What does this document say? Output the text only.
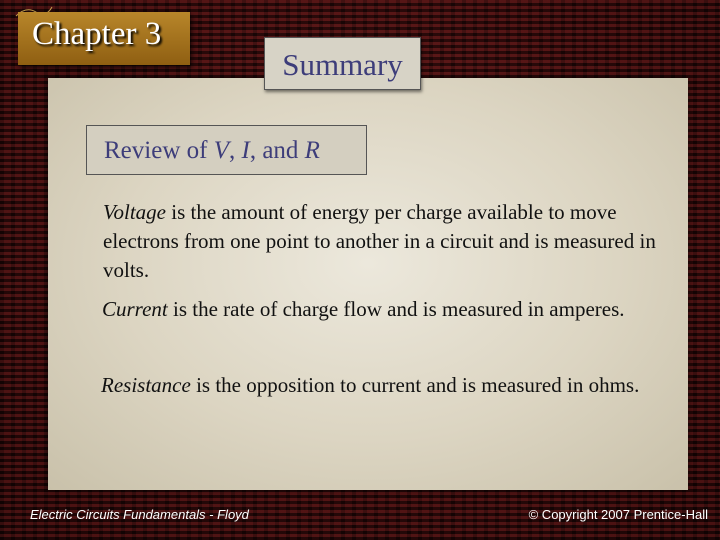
Chapter 3
Summary
Review of V, I, and R
Voltage is the amount of energy per charge available to move electrons from one point to another in a circuit and is measured in volts.
Current is the rate of charge flow and is measured in amperes.
Resistance is the opposition to current and is measured in ohms.
Electric Circuits Fundamentals - Floyd	© Copyright 2007 Prentice-Hall
